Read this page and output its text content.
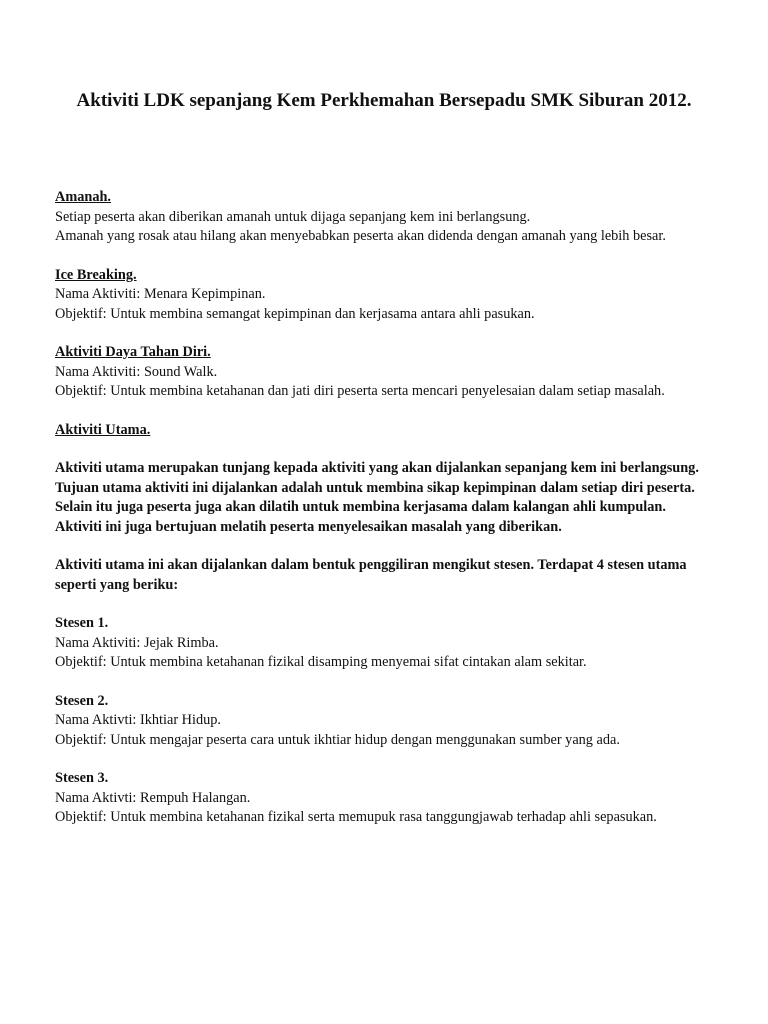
Aktiviti LDK sepanjang Kem Perkhemahan Bersepadu SMK Siburan 2012.
Amanah.
Setiap peserta akan diberikan amanah untuk dijaga sepanjang kem ini berlangsung.
Amanah yang rosak atau hilang akan menyebabkan peserta akan didenda dengan amanah yang lebih besar.
Ice Breaking.
Nama Aktiviti: Menara Kepimpinan.
Objektif: Untuk membina semangat kepimpinan dan kerjasama antara ahli pasukan.
Aktiviti Daya Tahan Diri.
Nama Aktiviti: Sound Walk.
Objektif: Untuk membina ketahanan dan jati diri peserta serta mencari penyelesaian dalam setiap masalah.
Aktiviti Utama.
Aktiviti utama merupakan tunjang kepada aktiviti yang akan dijalankan sepanjang kem ini berlangsung. Tujuan utama aktiviti ini dijalankan adalah untuk membina sikap kepimpinan dalam setiap diri peserta. Selain itu juga peserta juga akan dilatih untuk membina kerjasama dalam kalangan ahli kumpulan. Aktiviti ini juga bertujuan melatih peserta menyelesaikan masalah yang diberikan.
Aktiviti utama ini akan dijalankan dalam bentuk penggiliran mengikut stesen. Terdapat 4 stesen utama seperti yang beriku:
Stesen 1.
Nama Aktiviti: Jejak Rimba.
Objektif: Untuk membina ketahanan fizikal disamping menyemai sifat cintakan alam sekitar.
Stesen 2.
Nama Aktivti: Ikhtiar Hidup.
Objektif: Untuk mengajar peserta cara untuk ikhtiar hidup dengan menggunakan sumber yang ada.
Stesen 3.
Nama Aktivti: Rempuh Halangan.
Objektif: Untuk membina ketahanan fizikal serta memupuk rasa tanggungjawab terhadap ahli sepasukan.
